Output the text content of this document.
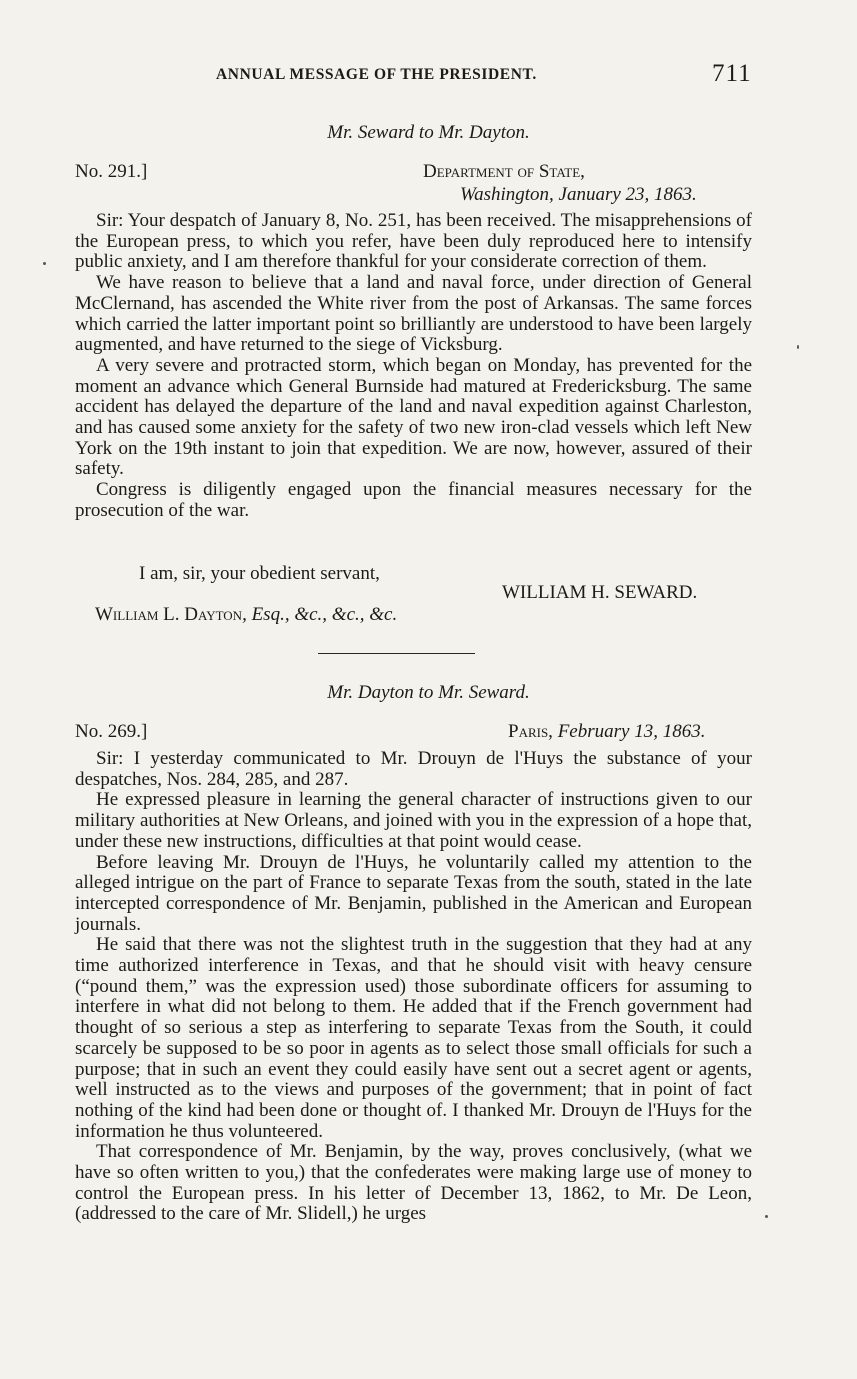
ANNUAL MESSAGE OF THE PRESIDENT.	711
Mr. Seward to Mr. Dayton.
No. 291.]	Department of State,
Washington, January 23, 1863.

Sir: Your despatch of January 8, No. 251, has been received. The misapprehensions of the European press, to which you refer, have been duly reproduced here to intensify public anxiety, and I am therefore thankful for your considerate correction of them.

We have reason to believe that a land and naval force, under direction of General McClernand, has ascended the White river from the post of Arkansas. The same forces which carried the latter important point so brilliantly are understood to have been largely augmented, and have returned to the siege of Vicksburg.

A very severe and protracted storm, which began on Monday, has prevented for the moment an advance which General Burnside had matured at Fredericksburg. The same accident has delayed the departure of the land and naval expedition against Charleston, and has caused some anxiety for the safety of two new iron-clad vessels which left New York on the 19th instant to join that expedition. We are now, however, assured of their safety.

Congress is diligently engaged upon the financial measures necessary for the prosecution of the war.

I am, sir, your obedient servant,
WILLIAM H. SEWARD.
William L. Dayton, Esq., &c., &c., &c.
Mr. Dayton to Mr. Seward.
No. 269.]	Paris, February 13, 1863.

Sir: I yesterday communicated to Mr. Drouyn de l'Huys the substance of your despatches, Nos. 284, 285, and 287.

He expressed pleasure in learning the general character of instructions given to our military authorities at New Orleans, and joined with you in the expression of a hope that, under these new instructions, difficulties at that point would cease.

Before leaving Mr. Drouyn de l'Huys, he voluntarily called my attention to the alleged intrigue on the part of France to separate Texas from the south, stated in the late intercepted correspondence of Mr. Benjamin, published in the American and European journals.

He said that there was not the slightest truth in the suggestion that they had at any time authorized interference in Texas, and that he should visit with heavy censure (“pound them,” was the expression used) those subordinate officers for assuming to interfere in what did not belong to them. He added that if the French government had thought of so serious a step as interfering to separate Texas from the South, it could scarcely be supposed to be so poor in agents as to select those small officials for such a purpose; that in such an event they could easily have sent out a secret agent or agents, well instructed as to the views and purposes of the government; that in point of fact nothing of the kind had been done or thought of. I thanked Mr. Drouyn de l'Huys for the information he thus volunteered.

That correspondence of Mr. Benjamin, by the way, proves conclusively, (what we have so often written to you,) that the confederates were making large use of money to control the European press. In his letter of December 13, 1862, to Mr. De Leon, (addressed to the care of Mr. Slidell,) he urges
